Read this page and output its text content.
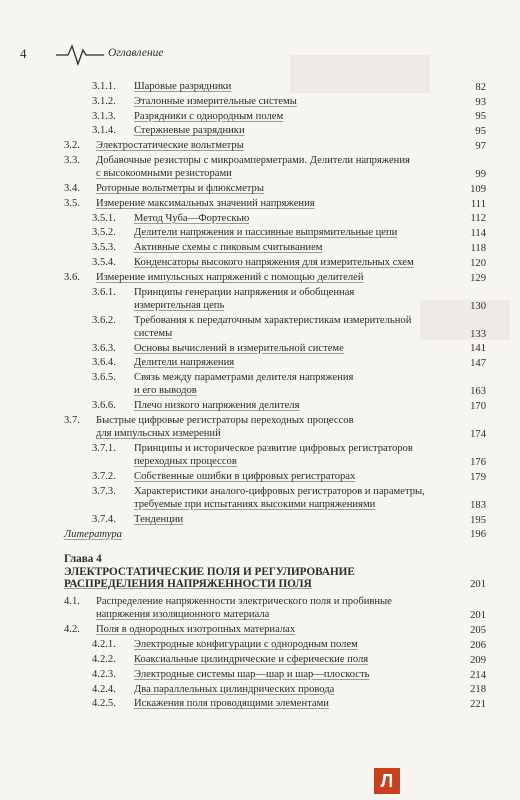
4	Оглавление
3.1.1. Шаровые разрядники	82
3.1.2. Эталонные измерительные системы	93
3.1.3. Разрядники с однородным полем	95
3.1.4. Стержневые разрядники	95
3.2. Электростатические вольтметры	97
3.3. Добавочные резисторы с микроамперметрами. Делители напряжения
с высокоомными резисторами	99
3.4. Роторные вольтметры и флюксметры	109
3.5. Измерение максимальных значений напряжения	111
3.5.1. Метод Чуба—Фортескью	112
3.5.2. Делители напряжения и пассивные выпрямительные цепи	114
3.5.3. Активные схемы с пиковым считыванием	118
3.5.4. Конденсаторы высокого напряжения для измерительных схем	120
3.6. Измерение импульсных напряжений с помощью делителей	129
3.6.1. Принципы генерации напряжения и обобщенная
измерительная цепь	130
3.6.2. Требования к передаточным характеристикам измерительной
системы	133
3.6.3. Основы вычислений в измерительной системе	141
3.6.4. Делители напряжения	147
3.6.5. Связь между параметрами делителя напряжения
и его выводов	163
3.6.6. Плечо низкого напряжения делителя	170
3.7. Быстрые цифровые регистраторы переходных процессов
для импульсных измерений	174
3.7.1. Принципы и историческое развитие цифровых регистраторов
переходных процессов	176
3.7.2. Собственные ошибки в цифровых регистраторах	179
3.7.3. Характеристики аналого-цифровых регистраторов и параметры,
требуемые при испытаниях высокими напряжениями	183
3.7.4. Тенденции	195
Литература	196
Глава 4
ЭЛЕКТРОСТАТИЧЕСКИЕ ПОЛЯ И РЕГУЛИРОВАНИЕ
РАСПРЕДЕЛЕНИЯ НАПРЯЖЕННОСТИ ПОЛЯ	201
4.1. Распределение напряженности электрического поля и пробивные
напряжения изоляционного материала	201
4.2. Поля в однородных изотропных материалах	205
4.2.1. Электродные конфигурации с однородным полем	206
4.2.2. Коаксиальные цилиндрические и сферические поля	209
4.2.3. Электродные системы шар—шар и шар—плоскость	214
4.2.4. Два параллельных цилиндрических провода	218
4.2.5. Искажения поля проводящими элементами	221
Л
